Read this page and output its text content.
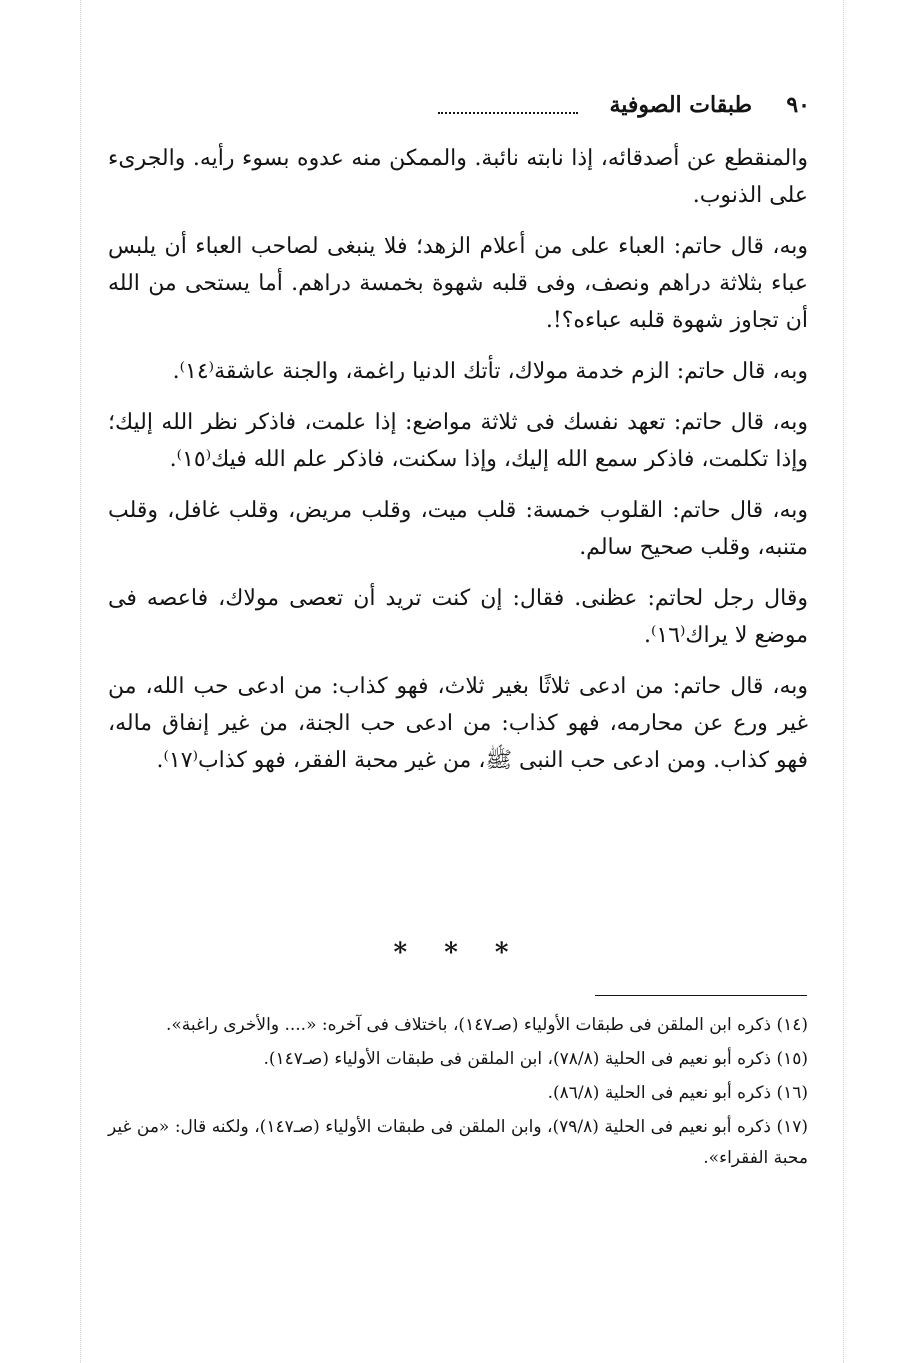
٩٠
طبقات الصوفية

والمنقطع عن أصدقائه، إذا نابته نائبة. والممكن منه عدوه بسوء رأيه. والجرىء على الذنوب.

وبه، قال حاتم: العباء على من أعلام الزهد؛ فلا ينبغى لصاحب العباء أن يلبس عباء بثلاثة دراهم ونصف، وفى قلبه شهوة بخمسة دراهم. أما يستحى من الله أن تجاوز شهوة قلبه عباءه؟!.

وبه، قال حاتم: الزم خدمة مولاك، تأتك الدنيا راغمة، والجنة عاشقة⁽١٤⁾.

وبه، قال حاتم: تعهد نفسك فى ثلاثة مواضع: إذا علمت، فاذكر نظر الله إليك؛ وإذا تكلمت، فاذكر سمع الله إليك، وإذا سكنت، فاذكر علم الله فيك⁽١٥⁾.

وبه، قال حاتم: القلوب خمسة: قلب ميت، وقلب مريض، وقلب غافل، وقلب متنبه، وقلب صحيح سالم.

وقال رجل لحاتم: عظنى. فقال: إن كنت تريد أن تعصى مولاك، فاعصه فى موضع لا يراك⁽١٦⁾.

وبه، قال حاتم: من ادعى ثلاثًا بغير ثلاث، فهو كذاب: من ادعى حب الله، من غير ورع عن محارمه، فهو كذاب: من ادعى حب الجنة، من غير إنفاق ماله، فهو كذاب. ومن ادعى حب النبى ﷺ، من غير محبة الفقر، فهو كذاب⁽١٧⁾.

* * *

(١٤) ذكره ابن الملقن فى طبقات الأولياء (صـ١٤٧)، باختلاف فى آخره: «.... والأخرى راغبة».

(١٥) ذكره أبو نعيم فى الحلية (٧٨/٨)، ابن الملقن فى طبقات الأولياء (صـ١٤٧).

(١٦) ذكره أبو نعيم فى الحلية (٨٦/٨).

(١٧) ذكره أبو نعيم فى الحلية (٧٩/٨)، وابن الملقن فى طبقات الأولياء (صـ١٤٧)، ولكنه قال: «من غير محبة الفقراء».
